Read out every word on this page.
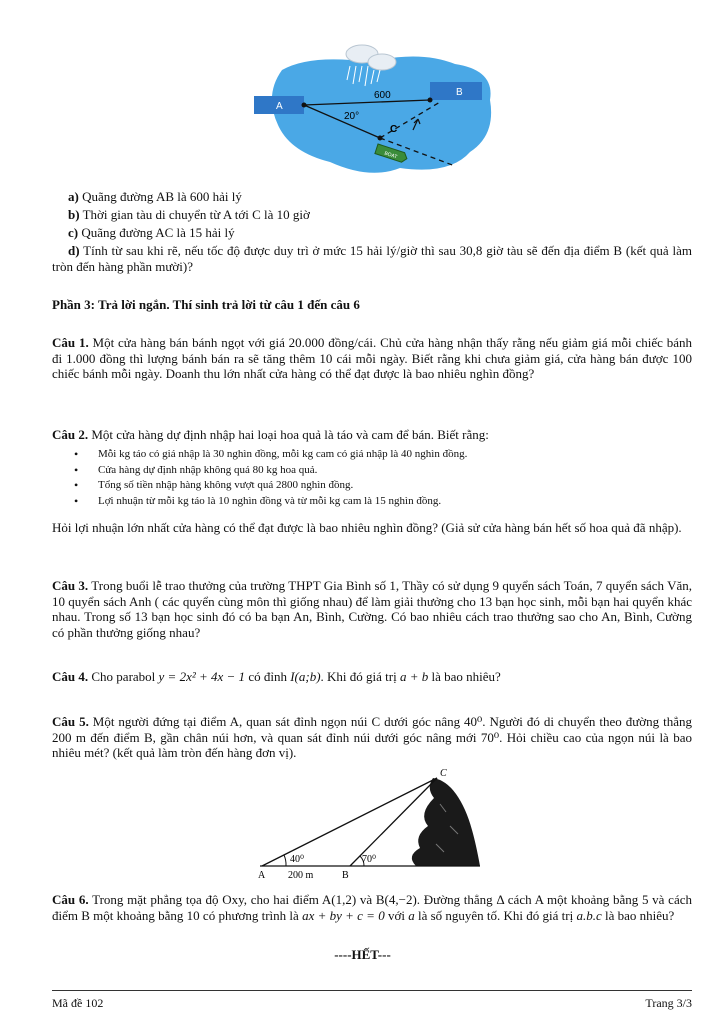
A
B
600
20°
C
BOAT
a) Quãng đường AB là 600 hải lý
b) Thời gian tàu di chuyển từ A tới C là 10 giờ
c) Quãng đường AC là 15 hải lý
d) Tính từ sau khi rẽ, nếu tốc độ được duy trì ở mức 15 hải lý/giờ thì sau 30,8 giờ tàu sẽ đến địa điểm B (kết quả làm tròn đến hàng phần mười)?
Phần 3: Trả lời ngắn. Thí sinh trả lời từ câu 1 đến câu 6
Câu 1. Một cửa hàng bán bánh ngọt với giá 20.000 đồng/cái. Chủ cửa hàng nhận thấy rằng nếu giảm giá mỗi chiếc bánh đi 1.000 đồng thì lượng bánh bán ra sẽ tăng thêm 10 cái mỗi ngày. Biết rằng khi chưa giảm giá, cửa hàng bán được 100 chiếc bánh mỗi ngày. Doanh thu lớn nhất cửa hàng có thể đạt được là bao nhiêu nghìn đồng?
Câu 2. Một cửa hàng dự định nhập hai loại hoa quả là táo và cam để bán. Biết rằng:
• Mỗi kg táo có giá nhập là 30 nghìn đồng, mỗi kg cam có giá nhập là 40 nghìn đồng.
• Cửa hàng dự định nhập không quá 80 kg hoa quả.
• Tổng số tiền nhập hàng không vượt quá 2800 nghìn đồng.
• Lợi nhuận từ mỗi kg táo là 10 nghìn đồng và từ mỗi kg cam là 15 nghìn đồng.
Hỏi lợi nhuận lớn nhất cửa hàng có thể đạt được là bao nhiêu nghìn đồng? (Giả sử cửa hàng bán hết số hoa quả đã nhập).
Câu 3. Trong buổi lễ trao thưởng của trường THPT Gia Bình số 1, Thầy có sử dụng 9 quyển sách Toán, 7 quyển sách Văn, 10 quyển sách Anh ( các quyển cùng môn thì giống nhau) để làm giải thưởng cho 13 bạn học sinh, mỗi bạn hai quyển khác nhau. Trong số 13 bạn học sinh đó có ba bạn An, Bình, Cường. Có bao nhiêu cách trao thưởng sao cho An, Bình, Cường có phần thưởng giống nhau?
Câu 4. Cho parabol y = 2x² + 4x − 1 có đỉnh I(a;b). Khi đó giá trị a + b là bao nhiêu?
Câu 5. Một người đứng tại điểm A, quan sát đỉnh ngọn núi C dưới góc nâng 40⁰. Người đó di chuyển theo đường thẳng 200 m đến điểm B, gần chân núi hơn, và quan sát đỉnh núi dưới góc nâng mới 70⁰. Hỏi chiều cao của ngọn núi là bao nhiêu mét? (kết quả làm tròn đến hàng đơn vị).
C
A	B
40⁰	70⁰
200 m
Câu 6. Trong mặt phẳng tọa độ Oxy, cho hai điểm A(1,2) và B(4,−2). Đường thẳng Δ cách A một khoảng bằng 5 và cách điểm B một khoảng bằng 10 có phương trình là ax + by + c = 0 với a là số nguyên tố. Khi đó giá trị a.b.c là bao nhiêu?
----HẾT---
Mã đề 102	Trang 3/3
